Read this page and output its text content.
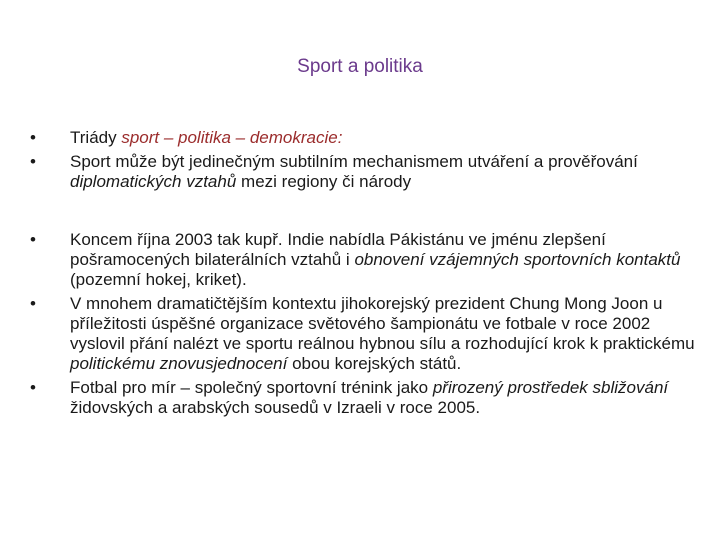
Sport a politika
•	Triády sport – politika – demokracie:
•	Sport může být jedinečným subtilním mechanismem utváření a prověřování diplomatických vztahů mezi regiony či národy
•	Koncem října 2003 tak kupř. Indie nabídla Pákistánu ve jménu zlepšení pošramocených bilaterálních vztahů i obnovení vzájemných sportovních kontaktů (pozemní hokej, kriket).
•	V mnohem dramatičtějším kontextu jihokorejský prezident Chung Mong Joon u příležitosti úspěšné organizace světového šampionátu ve fotbale v roce 2002 vyslovil přání nalézt ve sportu reálnou hybnou sílu a rozhodující krok k praktickému politickému znovusjednocení obou korejských států.
•	Fotbal pro mír – společný sportovní trénink jako přirozený prostředek sbližování židovských a arabských sousedů v Izraeli v roce 2005.
